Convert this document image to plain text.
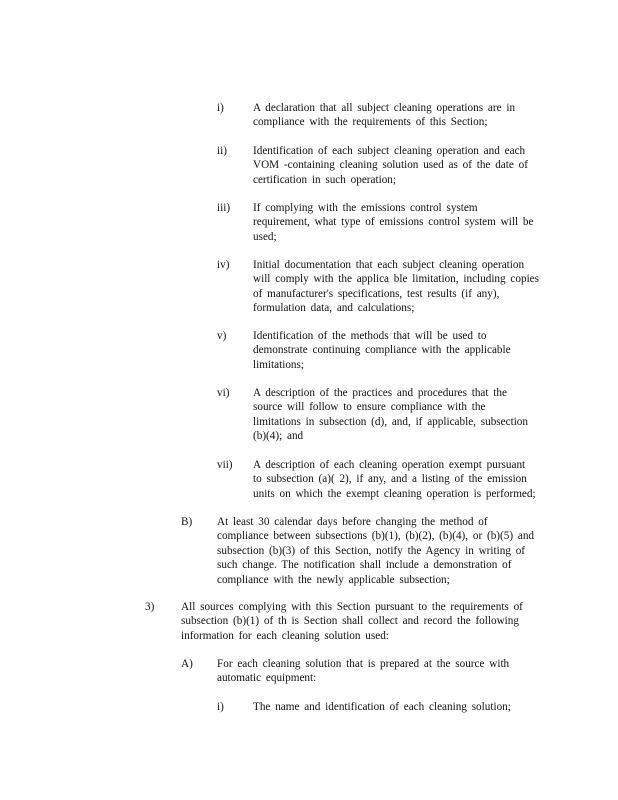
i)	A declaration that all subject cleaning operations are in
compliance with the requirements of this Section;
ii) Identification of each subject cleaning operation and each
VOM -containing cleaning solution used as of the date of
certification in such operation;
iii) If complying with the emissions control system
requirement, what type of emissions control system will be
used;
iv) Initial documentation that each subject cleaning operation
will comply with the applica ble limitation, including copies
of manufacturer's specifications, test results (if any),
formulation data, and calculations;
v) Identification of the methods that will be used to
demonstrate continuing compliance with the applicable
limitations;
vi) A description of the practices and procedures that the
source will follow to ensure compliance with the
limitations in subsection (d), and, if applicable, subsection
(b)(4); and
vii) A description of each cleaning operation exempt pursuant
to subsection (a)( 2), if any, and a listing of the emission
units on which the exempt cleaning operation is performed;
B) At least 30 calendar days before changing the method of
compliance between subsections (b)(1), (b)(2), (b)(4), or (b)(5) and
subsection (b)(3) of this Section, notify the Agency in writing of
such change. The notification shall include a demonstration of
compliance with the newly applicable subsection;
3) All sources complying with this Section pursuant to the requirements of
subsection (b)(1) of th is Section shall collect and record the following
information for each cleaning solution used:
A) For each cleaning solution that is prepared at the source with
automatic equipment:
i)	The name and identification of each cleaning solution;
